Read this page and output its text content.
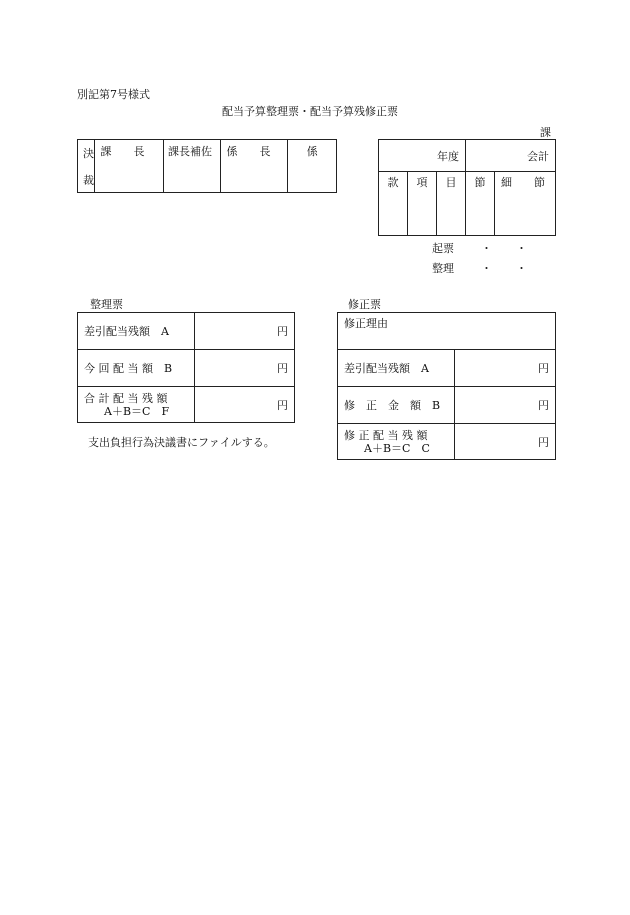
別記第7号様式
配当予算整理票・配当予算残修正票
課
決
裁
	課　　長	課長補佐	係　　長	係	年度			会計	
款	項	目	節	細　　節
起票 ・ ・
整理 ・ ・
整理票
差引配当残額　A	円
今 回 配 当 額　B	円

合 計 配 当 残 額
A＋B＝C　F	円
支出負担行為決議書にファイルする。
修正票
修正理由	
差引配当残額　A	円
修　正　金　額　B	円

修 正 配 当 残 額
A＋B＝C　C	円
